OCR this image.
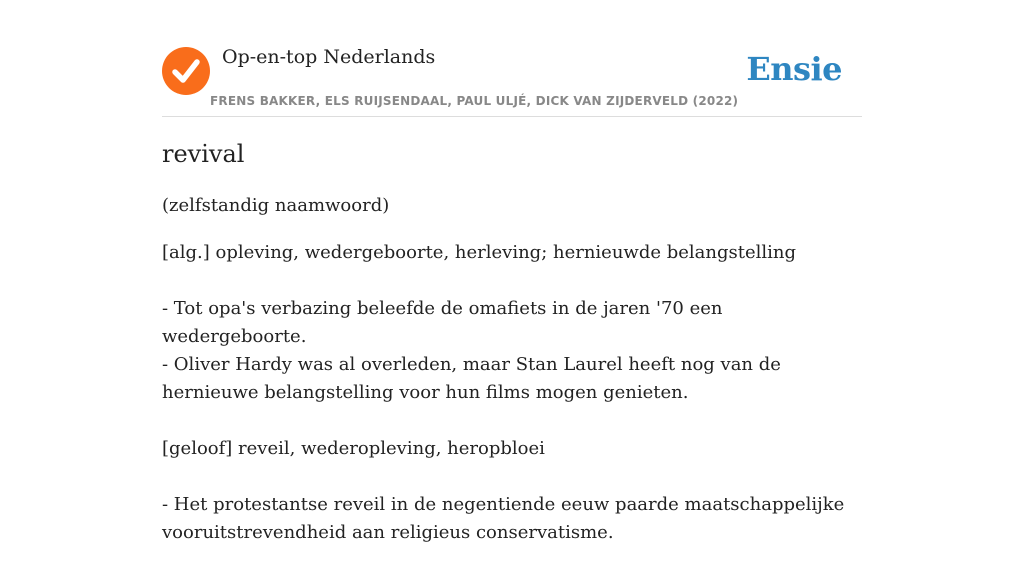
Op-en-top Nederlands
FRENS BAKKER, ELS RUIJSENDAAL, PAUL ULJÉ, DICK VAN ZIJDERVELD (2022)
Ensie
revival
(zelfstandig naamwoord)

[alg.] opleving, wedergeboorte, herleving; hernieuwde belangstelling

- Tot opa's verbazing beleefde de omafiets in de jaren '70 een wedergeboorte.
- Oliver Hardy was al overleden, maar Stan Laurel heeft nog van de hernieuwe belangstelling voor hun films mogen genieten.

[geloof] reveil, wederopleving, heropbloei

- Het protestantse reveil in de negentiende eeuw paarde maatschappelijke vooruitstrevendheid aan religieus conservatisme.
